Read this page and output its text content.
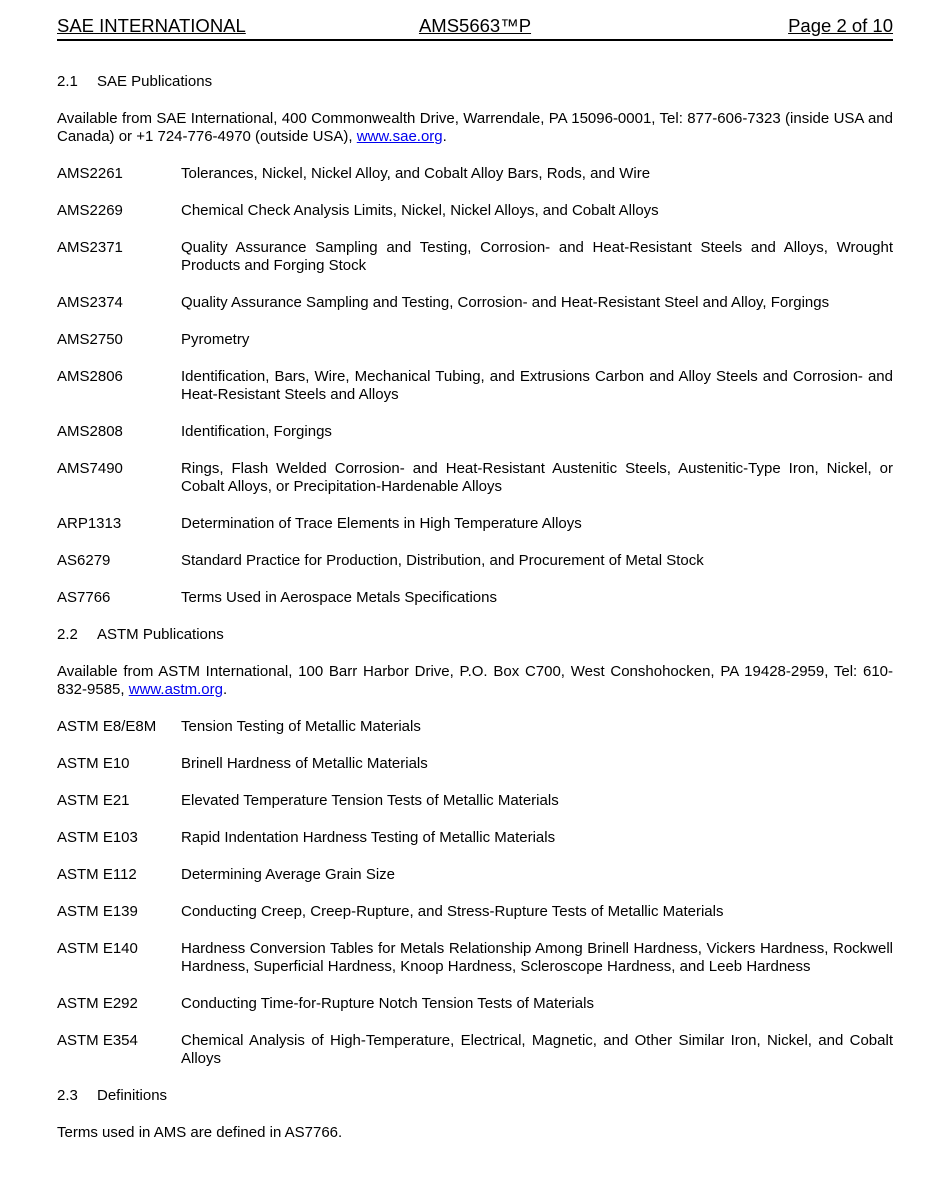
SAE INTERNATIONAL	AMS5663™P	Page 2 of 10
2.1 SAE Publications

Available from SAE International, 400 Commonwealth Drive, Warrendale, PA 15096-0001, Tel: 877-606-7323 (inside USA and Canada) or +1 724-776-4970 (outside USA), www.sae.org.

AMS2261	Tolerances, Nickel, Nickel Alloy, and Cobalt Alloy Bars, Rods, and Wire
AMS2269	Chemical Check Analysis Limits, Nickel, Nickel Alloys, and Cobalt Alloys
AMS2371	Quality Assurance Sampling and Testing, Corrosion- and Heat-Resistant Steels and Alloys, Wrought Products and Forging Stock
AMS2374	Quality Assurance Sampling and Testing, Corrosion- and Heat-Resistant Steel and Alloy, Forgings
AMS2750	Pyrometry
AMS2806	Identification, Bars, Wire, Mechanical Tubing, and Extrusions Carbon and Alloy Steels and Corrosion- and Heat-Resistant Steels and Alloys
AMS2808	Identification, Forgings
AMS7490	Rings, Flash Welded Corrosion- and Heat-Resistant Austenitic Steels, Austenitic-Type Iron, Nickel, or Cobalt Alloys, or Precipitation-Hardenable Alloys
ARP1313	Determination of Trace Elements in High Temperature Alloys
AS6279	Standard Practice for Production, Distribution, and Procurement of Metal Stock
AS7766	Terms Used in Aerospace Metals Specifications
2.2 ASTM Publications

Available from ASTM International, 100 Barr Harbor Drive, P.O. Box C700, West Conshohocken, PA 19428-2959, Tel: 610-832-9585, www.astm.org.

ASTM E8/E8M	Tension Testing of Metallic Materials
ASTM E10	Brinell Hardness of Metallic Materials
ASTM E21	Elevated Temperature Tension Tests of Metallic Materials
ASTM E103	Rapid Indentation Hardness Testing of Metallic Materials
ASTM E112	Determining Average Grain Size
ASTM E139	Conducting Creep, Creep-Rupture, and Stress-Rupture Tests of Metallic Materials
ASTM E140	Hardness Conversion Tables for Metals Relationship Among Brinell Hardness, Vickers Hardness, Rockwell Hardness, Superficial Hardness, Knoop Hardness, Scleroscope Hardness, and Leeb Hardness
ASTM E292	Conducting Time-for-Rupture Notch Tension Tests of Materials
ASTM E354	Chemical Analysis of High-Temperature, Electrical, Magnetic, and Other Similar Iron, Nickel, and Cobalt Alloys
2.3 Definitions

Terms used in AMS are defined in AS7766.
